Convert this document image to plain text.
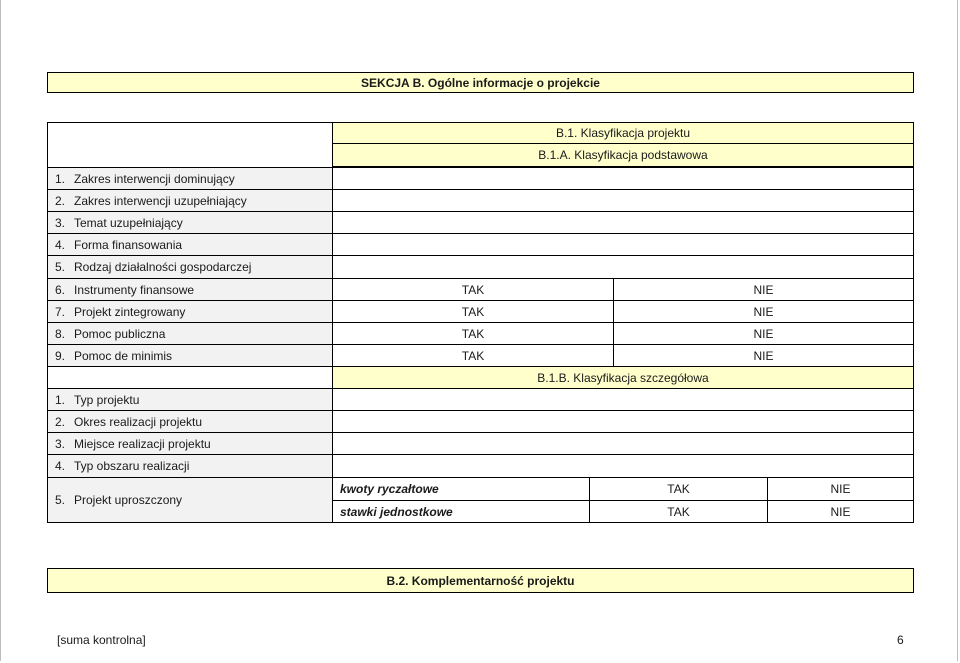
SEKCJA B. Ogólne informacje o projekcie
B.1. Klasyfikacja projektu
B.1.A. Klasyfikacja podstawowa
1. Zakres interwencji dominujący
2. Zakres interwencji uzupełniający
3. Temat uzupełniający
4. Forma finansowania
5. Rodzaj działalności gospodarczej
6. Instrumenty finansowe	TAK	NIE
7. Projekt zintegrowany	TAK	NIE
8. Pomoc publiczna	TAK	NIE
9. Pomoc de minimis	TAK	NIE
B.1.B. Klasyfikacja szczegółowa
1. Typ projektu
2. Okres realizacji projektu
3. Miejsce realizacji projektu
4. Typ obszaru realizacji
5. Projekt uproszczony
kwoty ryczałtowe	TAK	NIE
stawki jednostkowe	TAK	NIE
B.2. Komplementarność projektu
[suma kontrolna]	6
